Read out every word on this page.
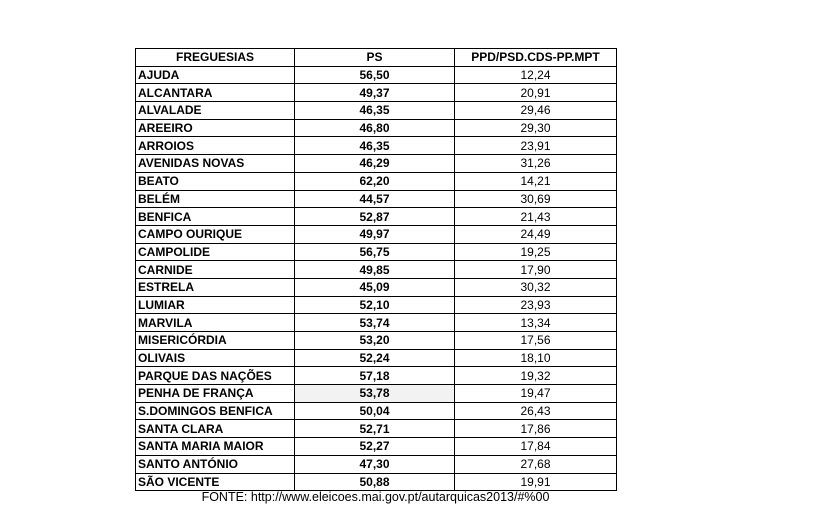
FREGUESIAS	PS	PPD/PSD.CDS-PP.MPT
AJUDA	56,50	12,24
ALCANTARA	49,37	20,91
ALVALADE	46,35	29,46
AREEIRO	46,80	29,30
ARROIOS	46,35	23,91
AVENIDAS NOVAS	46,29	31,26
BEATO	62,20	14,21
BELÉM	44,57	30,69
BENFICA	52,87	21,43
CAMPO OURIQUE	49,97	24,49
CAMPOLIDE	56,75	19,25
CARNIDE	49,85	17,90
ESTRELA	45,09	30,32
LUMIAR	52,10	23,93
MARVILA	53,74	13,34
MISERICÓRDIA	53,20	17,56
OLIVAIS	52,24	18,10
PARQUE DAS NAÇÕES	57,18	19,32
PENHA DE FRANÇA	53,78	19,47
S.DOMINGOS BENFICA	50,04	26,43
SANTA CLARA	52,71	17,86
SANTA MARIA MAIOR	52,27	17,84
SANTO ANTÓNIO	47,30	27,68
SÃO VICENTE	50,88	19,91
FONTE: http://www.eleicoes.mai.gov.pt/autarquicas2013/#%00
